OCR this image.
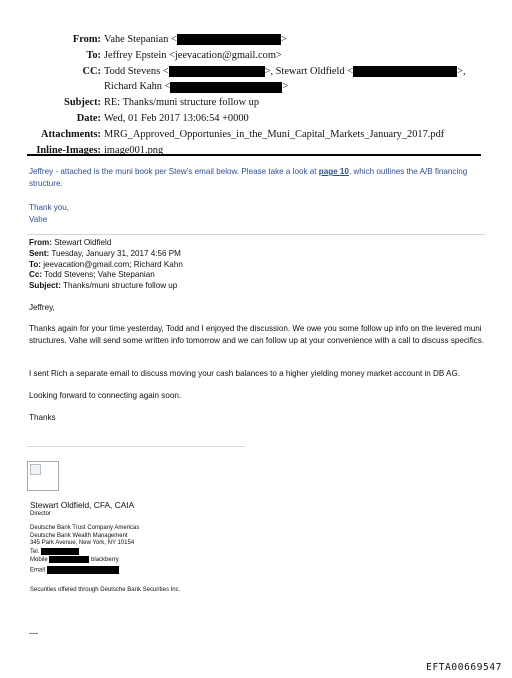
From: Vahe Stepanian <	>
To: Jeffrey Epstein <jeevacation@gmail.com>
CC: Todd Stevens <	>, Stewart Oldfield <	>,
Richard Kahn <	>
Subject: RE: Thanks/muni structure follow up
Date: Wed, 01 Feb 2017 13:06:54 +0000
Attachments: MRG_Approved_Opportunies_in_the_Muni_Capital_Markets_January_2017.pdf
Inline-Images: image001.png

Jeffrey - attached is the muni book per Stew's email below. Please take a look at page 10, which outlines the A/B financing structure.

Thank you,

Vahe

From: Stewart Oldfield
Sent: Tuesday, January 31, 2017 4:56 PM
To: jeevacation@gmail.com; Richard Kahn
Cc: Todd Stevens; Vahe Stepanian
Subject: Thanks/muni structure follow up
Jeffrey,
Thanks again for your time yesterday, Todd and I enjoyed the discussion. We owe you some follow up info on the levered muni structures. Vahe will send some written info tomorrow and we can follow up at your convenience with a call to discuss specifics.
I sent Rich a separate email to discuss moving your cash balances to a higher yielding money market account in DB AG.
Looking forward to connecting again soon.
Thanks
Stewart Oldfield, CFA, CAIA
Director
Deutsche Bank Trust Company Americas
Deutsche Bank Wealth Management
345 Park Avenue, New York, NY 10154
Tel.
Mobile	blackberry
Email
Securities offered through Deutsche Bank Securities Inc.
---
EFTA00669547
